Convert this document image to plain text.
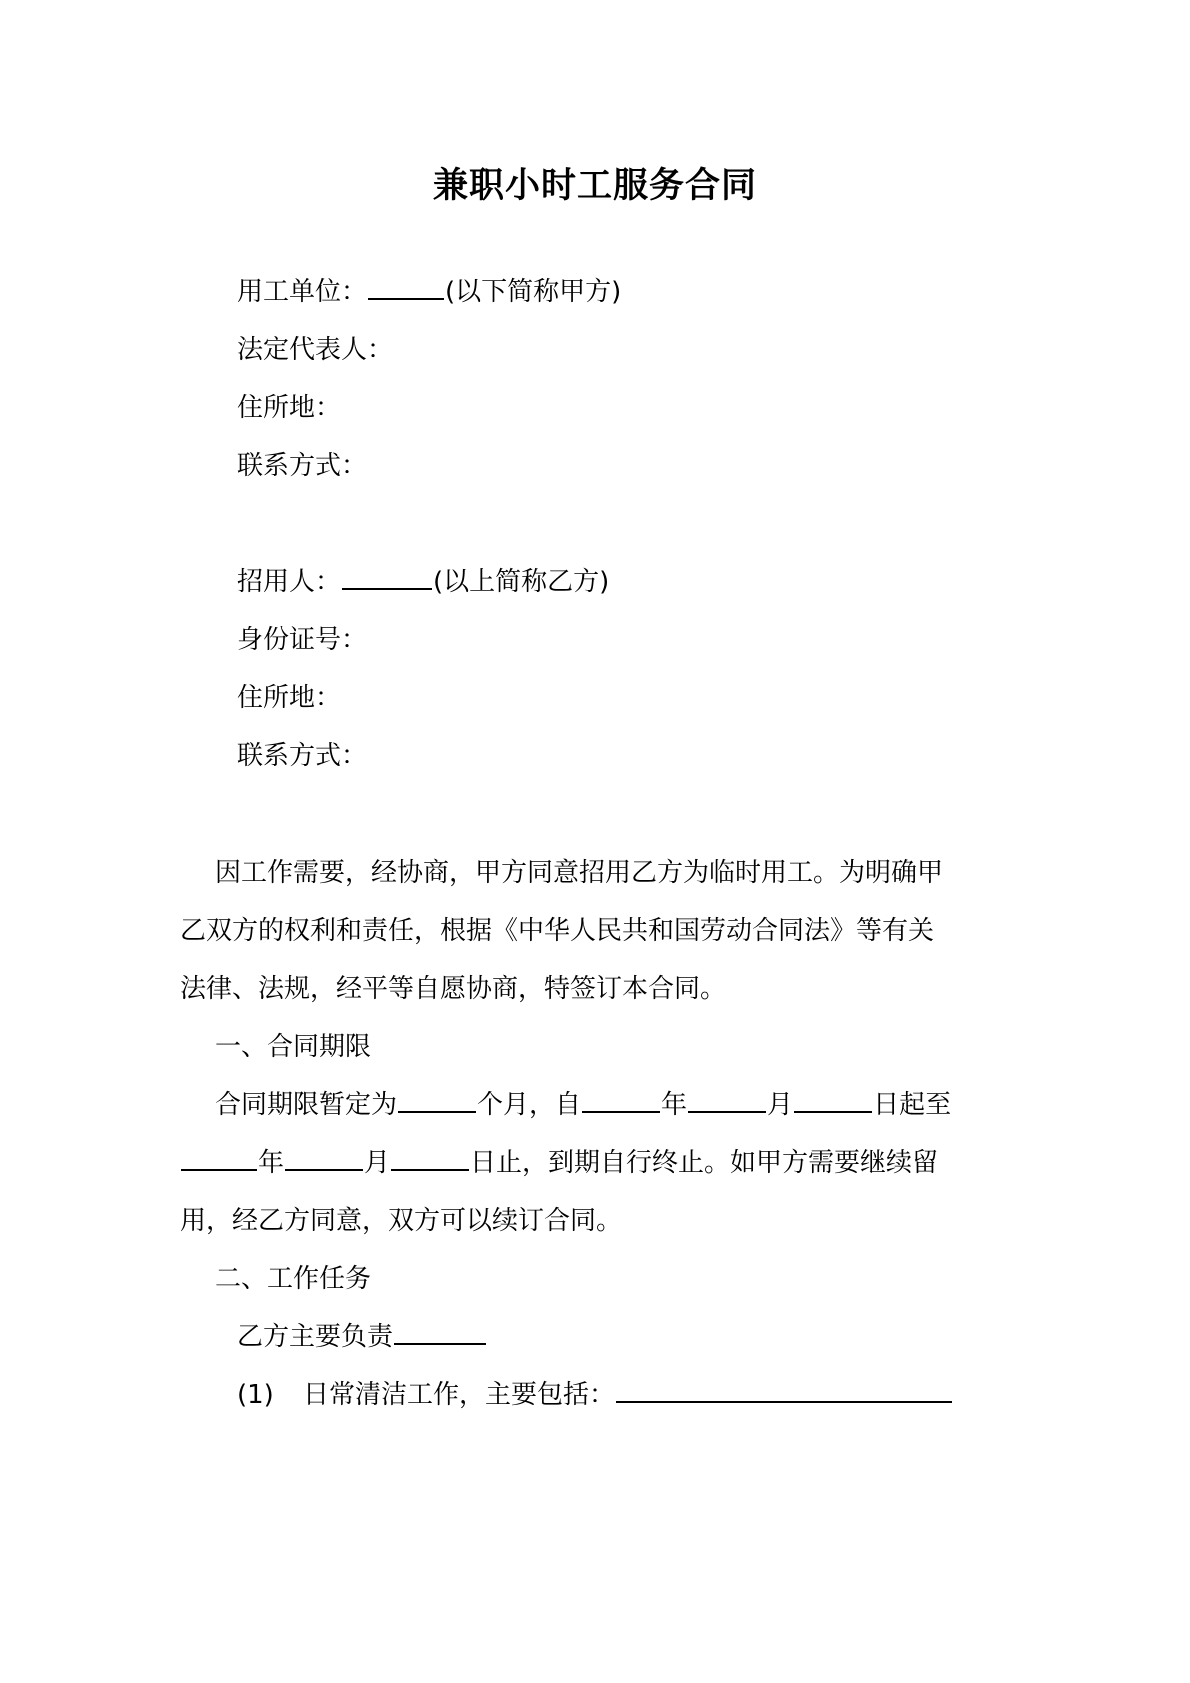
兼职小时工服务合同
用工单位：	(以下简称甲方)
法定代表人：
住所地：
联系方式：
招用人：	(以上简称乙方)
身份证号：
住所地：
联系方式：
因工作需要，经协商，甲方同意招用乙方为临时用工。为明确甲
乙双方的权利和责任，根据《中华人民共和国劳动合同法》等有关
法律、法规，经平等自愿协商，特签订本合同。
一、合同期限
合同期限暂定为	个月，自	年	月	日起至
年	月	日止，到期自行终止。如甲方需要继续留
用，经乙方同意，双方可以续订合同。
二、工作任务
乙方主要负责
(1) 日常清洁工作，主要包括：
